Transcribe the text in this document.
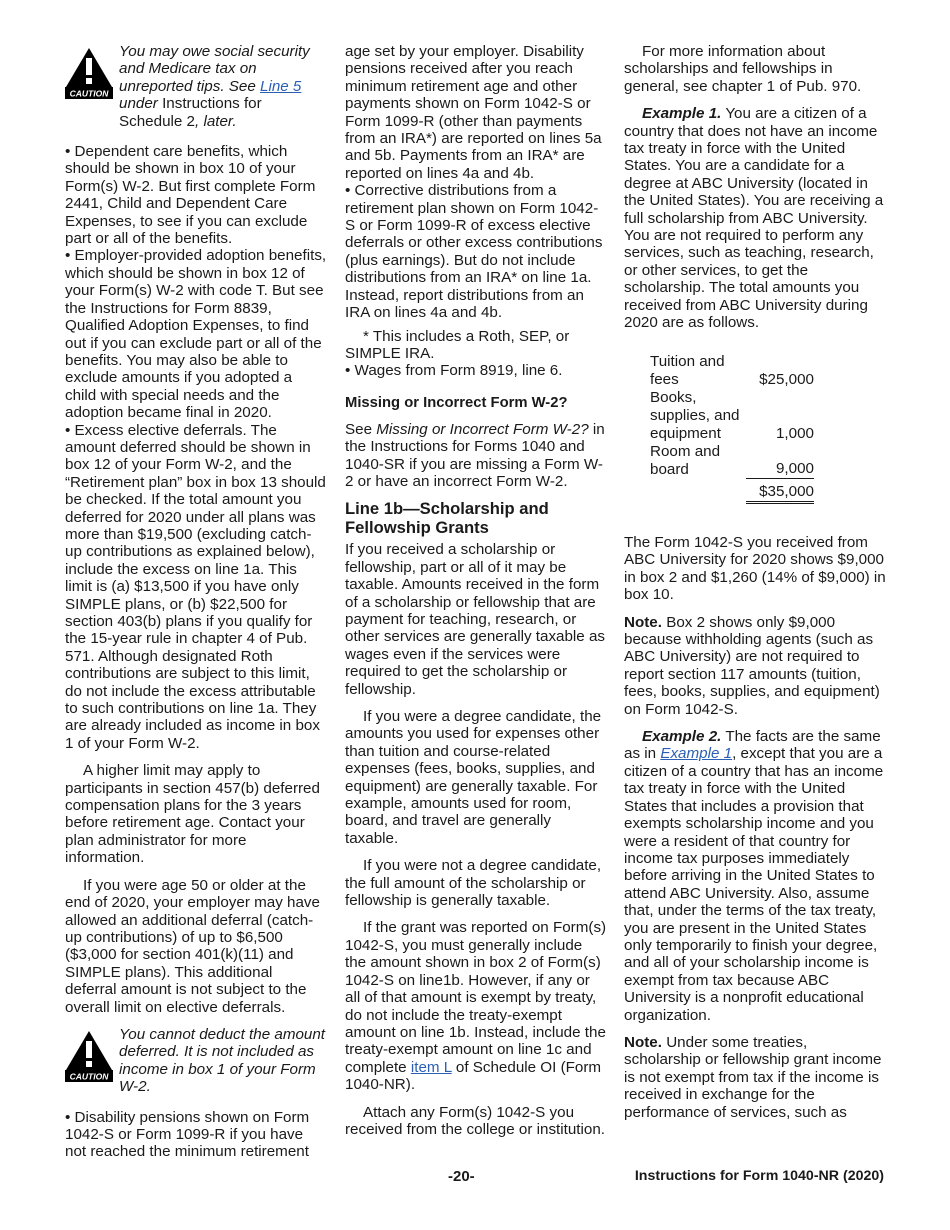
CAUTION
You may owe social security and Medicare tax on unreported tips. See Line 5 under Instructions for Schedule 2, later.

• Dependent care benefits, which should be shown in box 10 of your Form(s) W-2. But first complete Form 2441, Child and Dependent Care Expenses, to see if you can exclude part or all of the benefits.

• Employer-provided adoption benefits, which should be shown in box 12 of your Form(s) W-2 with code T. But see the Instructions for Form 8839, Qualified Adoption Expenses, to find out if you can exclude part or all of the benefits. You may also be able to exclude amounts if you adopted a child with special needs and the adoption became final in 2020.

• Excess elective deferrals. The amount deferred should be shown in box 12 of your Form W-2, and the “Retirement plan” box in box 13 should be checked. If the total amount you deferred for 2020 under all plans was more than $19,500 (excluding catch-up contributions as explained below), include the excess on line 1a. This limit is (a) $13,500 if you have only SIMPLE plans, or (b) $22,500 for section 403(b) plans if you qualify for the 15-year rule in chapter 4 of Pub. 571. Although designated Roth contributions are subject to this limit, do not include the excess attributable to such contributions on line 1a. They are already included as income in box 1 of your Form W-2.

A higher limit may apply to participants in section 457(b) deferred compensation plans for the 3 years before retirement age. Contact your plan administrator for more information.

If you were age 50 or older at the end of 2020, your employer may have allowed an additional deferral (catch-up contributions) of up to $6,500 ($3,000 for section 401(k)(11) and SIMPLE plans). This additional deferral amount is not subject to the overall limit on elective deferrals.

CAUTION
You cannot deduct the amount deferred. It is not included as income in box 1 of your Form W-2.

• Disability pensions shown on Form 1042-S or Form 1099-R if you have not reached the minimum retirement

age set by your employer. Disability pensions received after you reach minimum retirement age and other payments shown on Form 1042-S or Form 1099-R (other than payments from an IRA*) are reported on lines 5a and 5b. Payments from an IRA* are reported on lines 4a and 4b.

• Corrective distributions from a retirement plan shown on Form 1042-S or Form 1099-R of excess elective deferrals or other excess contributions (plus earnings). But do not include distributions from an IRA* on line 1a. Instead, report distributions from an IRA on lines 4a and 4b.

* This includes a Roth, SEP, or SIMPLE IRA.

• Wages from Form 8919, line 6.

Missing or Incorrect Form W-2?

See Missing or Incorrect Form W-2? in the Instructions for Forms 1040 and 1040-SR if you are missing a Form W-2 or have an incorrect Form W-2.

Line 1b—Scholarship and Fellowship Grants

If you received a scholarship or fellowship, part or all of it may be taxable. Amounts received in the form of a scholarship or fellowship that are payment for teaching, research, or other services are generally taxable as wages even if the services were required to get the scholarship or fellowship.

If you were a degree candidate, the amounts you used for expenses other than tuition and course-related expenses (fees, books, supplies, and equipment) are generally taxable. For example, amounts used for room, board, and travel are generally taxable.

If you were not a degree candidate, the full amount of the scholarship or fellowship is generally taxable.

If the grant was reported on Form(s) 1042-S, you must generally include the amount shown in box 2 of Form(s) 1042-S on line1b. However, if any or all of that amount is exempt by treaty, do not include the treaty-exempt amount on line 1b. Instead, include the treaty-exempt amount on line 1c and complete item L of Schedule OI (Form 1040-NR).

Attach any Form(s) 1042-S you received from the college or institution.

For more information about scholarships and fellowships in general, see chapter 1 of Pub. 970.

Example 1. You are a citizen of a country that does not have an income tax treaty in force with the United States. You are a candidate for a degree at ABC University (located in the United States). You are receiving a full scholarship from ABC University. You are not required to perform any services, such as teaching, research, or other services, to get the scholarship. The total amounts you received from ABC University during 2020 are as follows.

Tuition and
fees	$25,000
Books,
supplies, and
equipment	1,000
Room and
board	9,000
	$35,000

The Form 1042-S you received from ABC University for 2020 shows $9,000 in box 2 and $1,260 (14% of $9,000) in box 10.

Note. Box 2 shows only $9,000 because withholding agents (such as ABC University) are not required to report section 117 amounts (tuition, fees, books, supplies, and equipment) on Form 1042-S.

Example 2. The facts are the same as in Example 1, except that you are a citizen of a country that has an income tax treaty in force with the United States that includes a provision that exempts scholarship income and you were a resident of that country for income tax purposes immediately before arriving in the United States to attend ABC University. Also, assume that, under the terms of the tax treaty, you are present in the United States only temporarily to finish your degree, and all of your scholarship income is exempt from tax because ABC University is a nonprofit educational organization.

Note. Under some treaties, scholarship or fellowship grant income is not exempt from tax if the income is received in exchange for the performance of services, such as

-20-	Instructions for Form 1040-NR (2020)
